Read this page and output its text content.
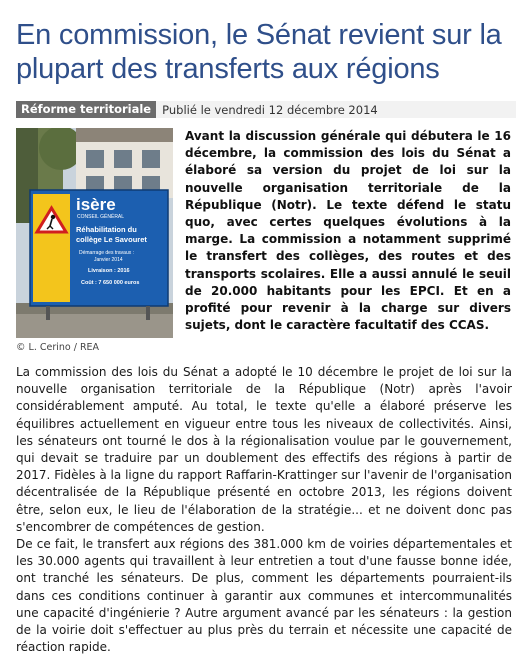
En commission, le Sénat revient sur la plupart des transferts aux régions
Réforme territoriale Publié le vendredi 12 décembre 2014
isère
CONSEIL GÉNÉRAL
Réhabilitation du
collège Le Savouret
Démarrage des travaux :
Janvier 2014
Livraison : 2016
Coût : 7 650 000 euros
© L. Cerino / REA

Avant la discussion générale qui débutera le 16 décembre, la commission des lois du Sénat a élaboré sa version du projet de loi sur la nouvelle organisation territoriale de la République (Notr). Le texte défend le statu quo, avec certes quelques évolutions à la marge. La commission a notamment supprimé le transfert des collèges, des routes et des transports scolaires. Elle a aussi annulé le seuil de 20.000 habitants pour les EPCI. Et en a profité pour revenir à la charge sur divers sujets, dont le caractère facultatif des CCAS.

La commission des lois du Sénat a adopté le 10 décembre le projet de loi sur la nouvelle organisation territoriale de la République (Notr) après l'avoir considérablement amputé. Au total, le texte qu'elle a élaboré préserve les équilibres actuellement en vigueur entre tous les niveaux de collectivités. Ainsi, les sénateurs ont tourné le dos à la régionalisation voulue par le gouvernement, qui devait se traduire par un doublement des effectifs des régions à partir de 2017. Fidèles à la ligne du rapport Raffarin-Krattinger sur l'avenir de l'organisation décentralisée de la République présenté en octobre 2013, les régions doivent être, selon eux, le lieu de l'élaboration de la stratégie... et ne doivent donc pas s'encombrer de compétences de gestion.

De ce fait, le transfert aux régions des 381.000 km de voiries départementales et les 30.000 agents qui travaillent à leur entretien a tout d'une fausse bonne idée, ont tranché les sénateurs. De plus, comment les départements pourraient-ils dans ces conditions continuer à garantir aux communes et intercommunalités une capacité d'ingénierie ? Autre argument avancé par les sénateurs : la gestion de la voirie doit s'effectuer au plus près du terrain et nécessite une capacité de réaction rapide.
